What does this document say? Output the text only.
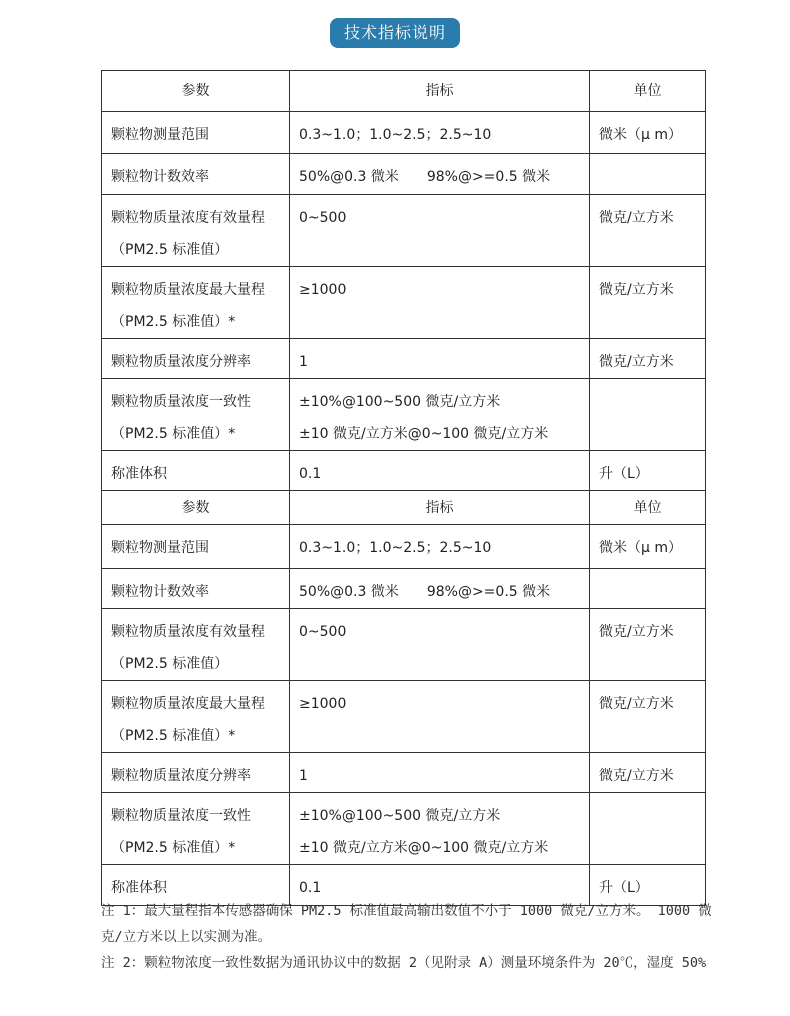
技术指标说明
参数	指标	单位
颗粒物测量范围	0.3~1.0；1.0~2.5；2.5~10	微米（μ m）
颗粒物计数效率	50%@0.3 微米　　98%@>=0.5 微米	
颗粒物质量浓度有效量程（PM2.5 标准值）	0~500	微克/立方米
颗粒物质量浓度最大量程（PM2.5 标准值）*	≥1000	微克/立方米
颗粒物质量浓度分辨率	1	微克/立方米
颗粒物质量浓度一致性（PM2.5 标准值）*	±10%@100~500 微克/立方米
±10 微克/立方米@0~100 微克/立方米	

称准体积	0.1	升（L）
参数	指标	单位
颗粒物测量范围	0.3~1.0；1.0~2.5；2.5~10	微米（μ m）
颗粒物计数效率	50%@0.3 微米　　98%@>=0.5 微米	
颗粒物质量浓度有效量程（PM2.5 标准值）	0~500	微克/立方米
颗粒物质量浓度最大量程（PM2.5 标准值）*	≥1000	微克/立方米
颗粒物质量浓度分辨率	1	微克/立方米
颗粒物质量浓度一致性（PM2.5 标准值）*	±10%@100~500 微克/立方米
±10 微克/立方米@0~100 微克/立方米	

称准体积	0.1	升（L）

注 1：最大量程指本传感器确保 PM2.5 标准值最高输出数值不小于 1000 微克/立方米。 1000 微克/立方米以上以实测为准。

注 2：颗粒物浓度一致性数据为通讯协议中的数据 2（见附录 A）测量环境条件为 20℃，湿度 50%
